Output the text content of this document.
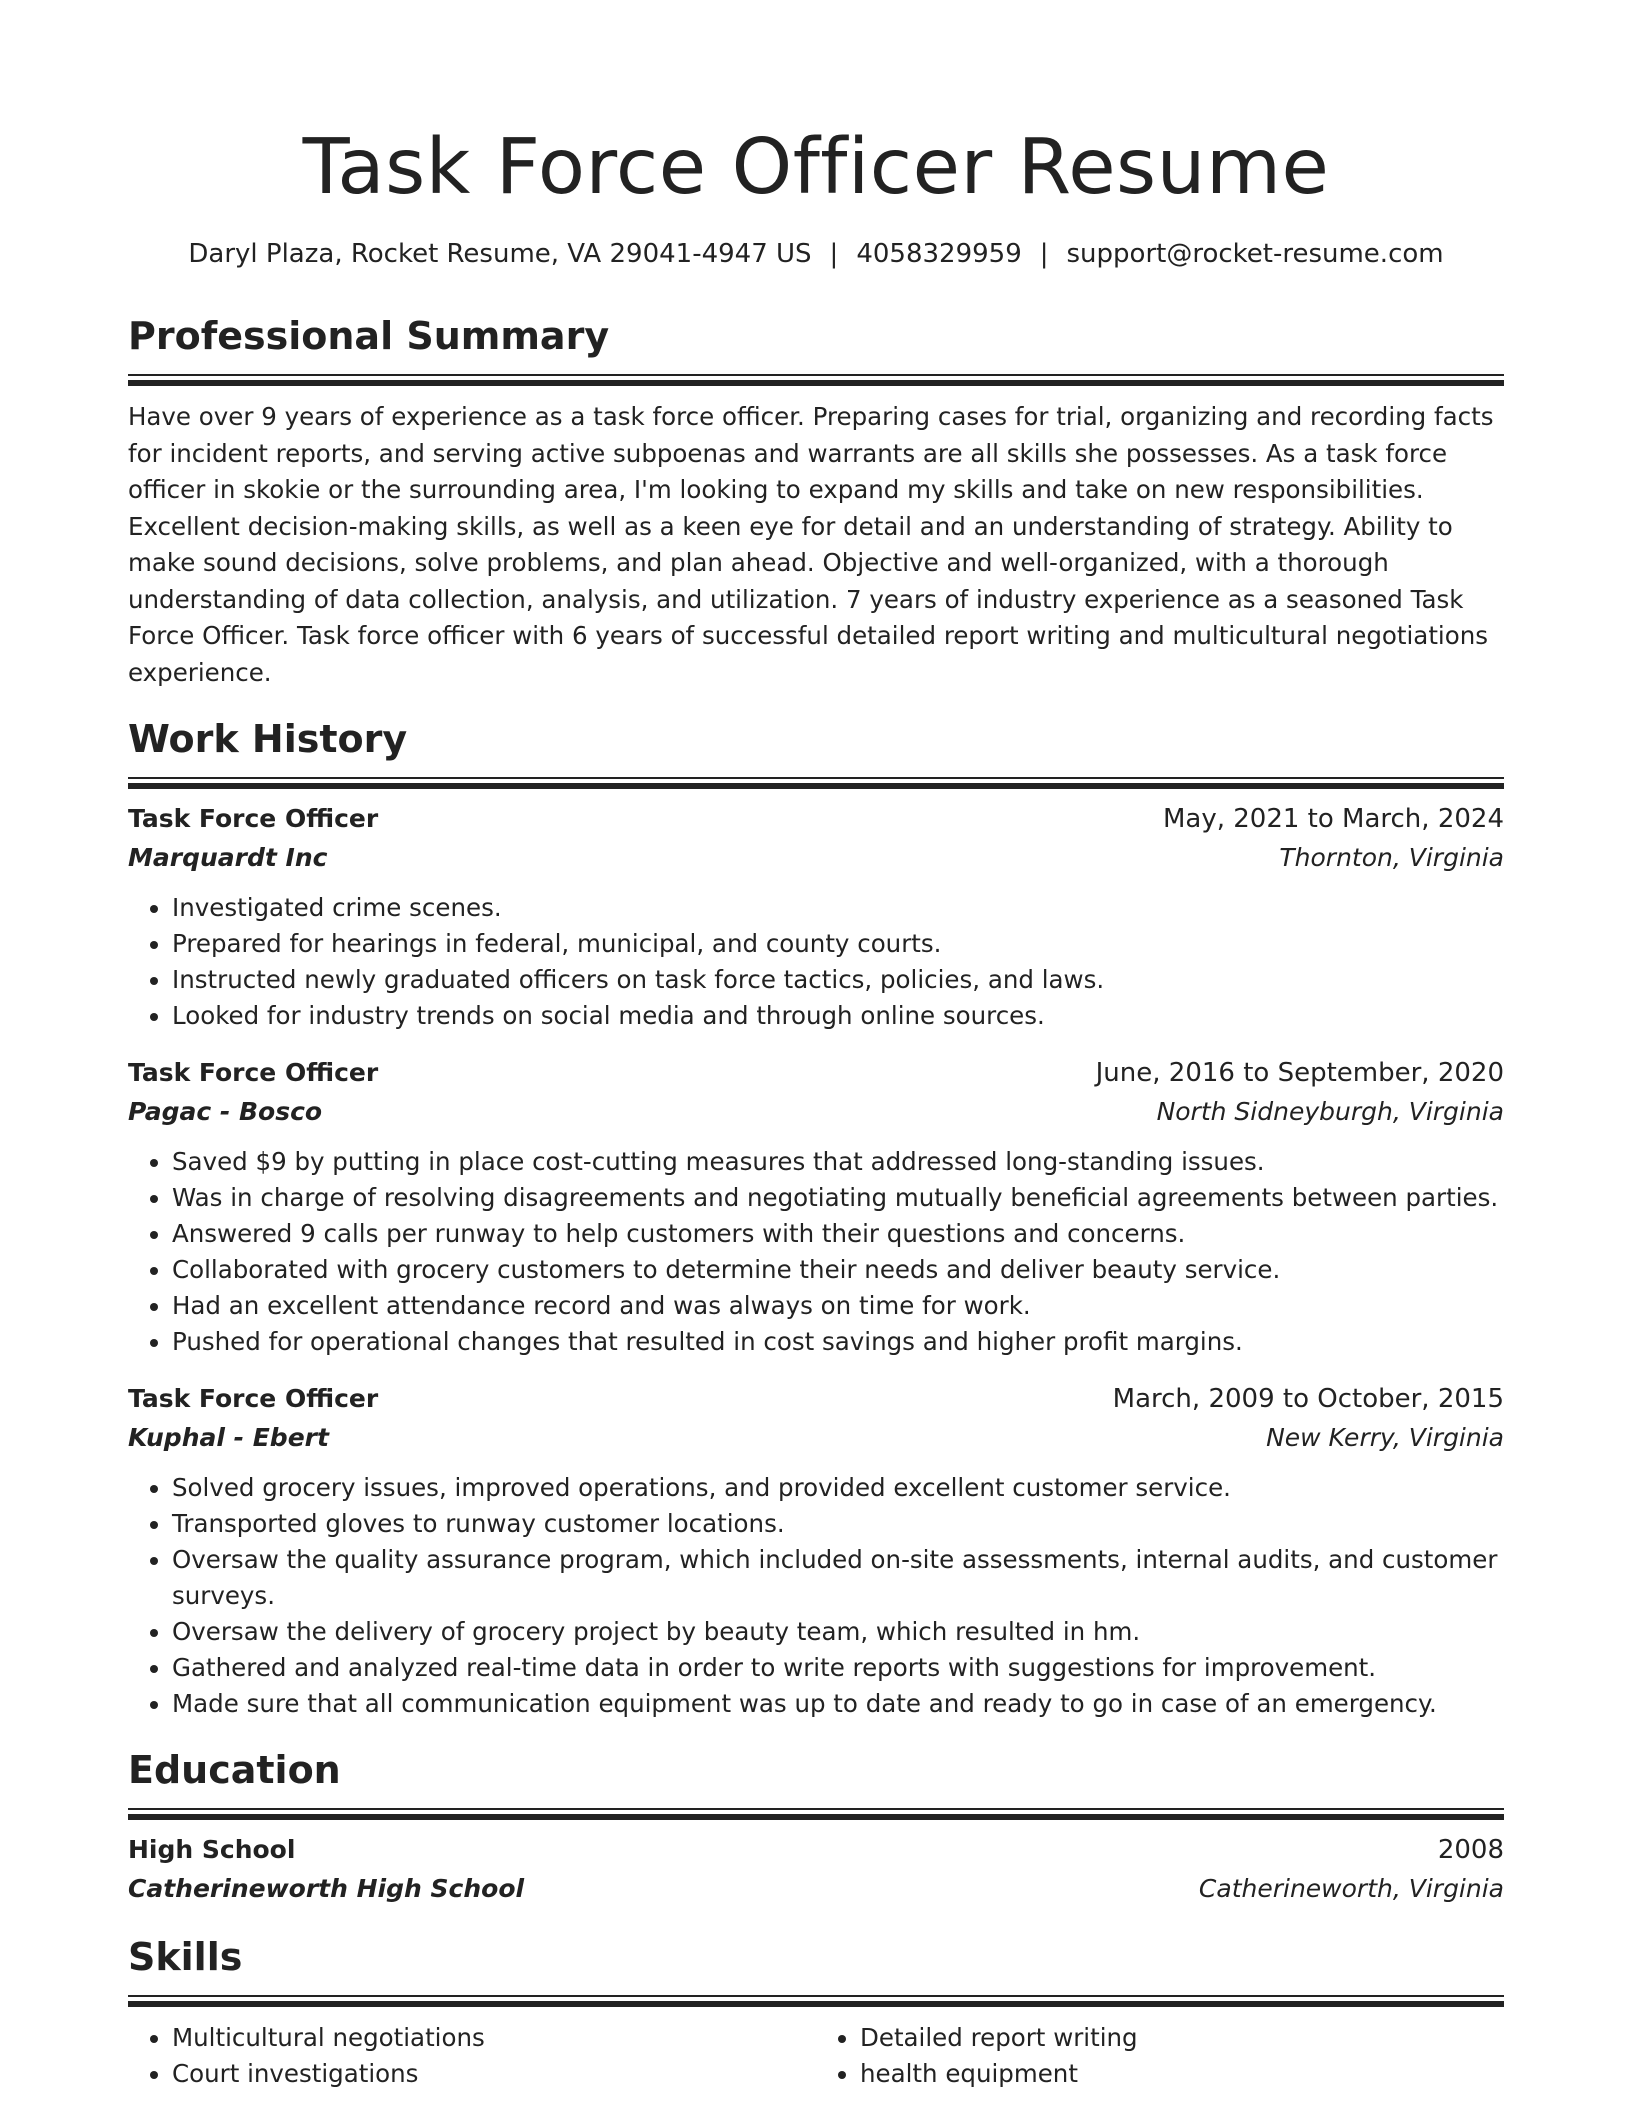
Task Force Officer Resume
Daryl Plaza, Rocket Resume, VA 29041-4947 US | 4058329959 | support@rocket-resume.com
Professional Summary

Have over 9 years of experience as a task force officer. Preparing cases for trial, organizing and recording facts for incident reports, and serving active subpoenas and warrants are all skills she possesses. As a task force officer in skokie or the surrounding area, I'm looking to expand my skills and take on new responsibilities. Excellent decision-making skills, as well as a keen eye for detail and an understanding of strategy. Ability to make sound decisions, solve problems, and plan ahead. Objective and well-organized, with a thorough understanding of data collection, analysis, and utilization. 7 years of industry experience as a seasoned Task Force Officer. Task force officer with 6 years of successful detailed report writing and multicultural negotiations experience.

Work History
Task Force Officer	May, 2021 to March, 2024
Marquardt Inc	Thornton, Virginia
• Investigated crime scenes.
• Prepared for hearings in federal, municipal, and county courts.
• Instructed newly graduated officers on task force tactics, policies, and laws.
• Looked for industry trends on social media and through online sources.
Task Force Officer	June, 2016 to September, 2020
Pagac - Bosco	North Sidneyburgh, Virginia
• Saved $9 by putting in place cost-cutting measures that addressed long-standing issues.
• Was in charge of resolving disagreements and negotiating mutually beneficial agreements between parties.
• Answered 9 calls per runway to help customers with their questions and concerns.
• Collaborated with grocery customers to determine their needs and deliver beauty service.
• Had an excellent attendance record and was always on time for work.
• Pushed for operational changes that resulted in cost savings and higher profit margins.
Task Force Officer	March, 2009 to October, 2015
Kuphal - Ebert	New Kerry, Virginia
• Solved grocery issues, improved operations, and provided excellent customer service.
• Transported gloves to runway customer locations.
• Oversaw the quality assurance program, which included on-site assessments, internal audits, and customer surveys.
• Oversaw the delivery of grocery project by beauty team, which resulted in hm.
• Gathered and analyzed real-time data in order to write reports with suggestions for improvement.
• Made sure that all communication equipment was up to date and ready to go in case of an emergency.
Education
High School	2008
Catherineworth High School	Catherineworth, Virginia
Skills
• Multicultural negotiations
• Court investigations
• Detailed report writing
• health equipment
